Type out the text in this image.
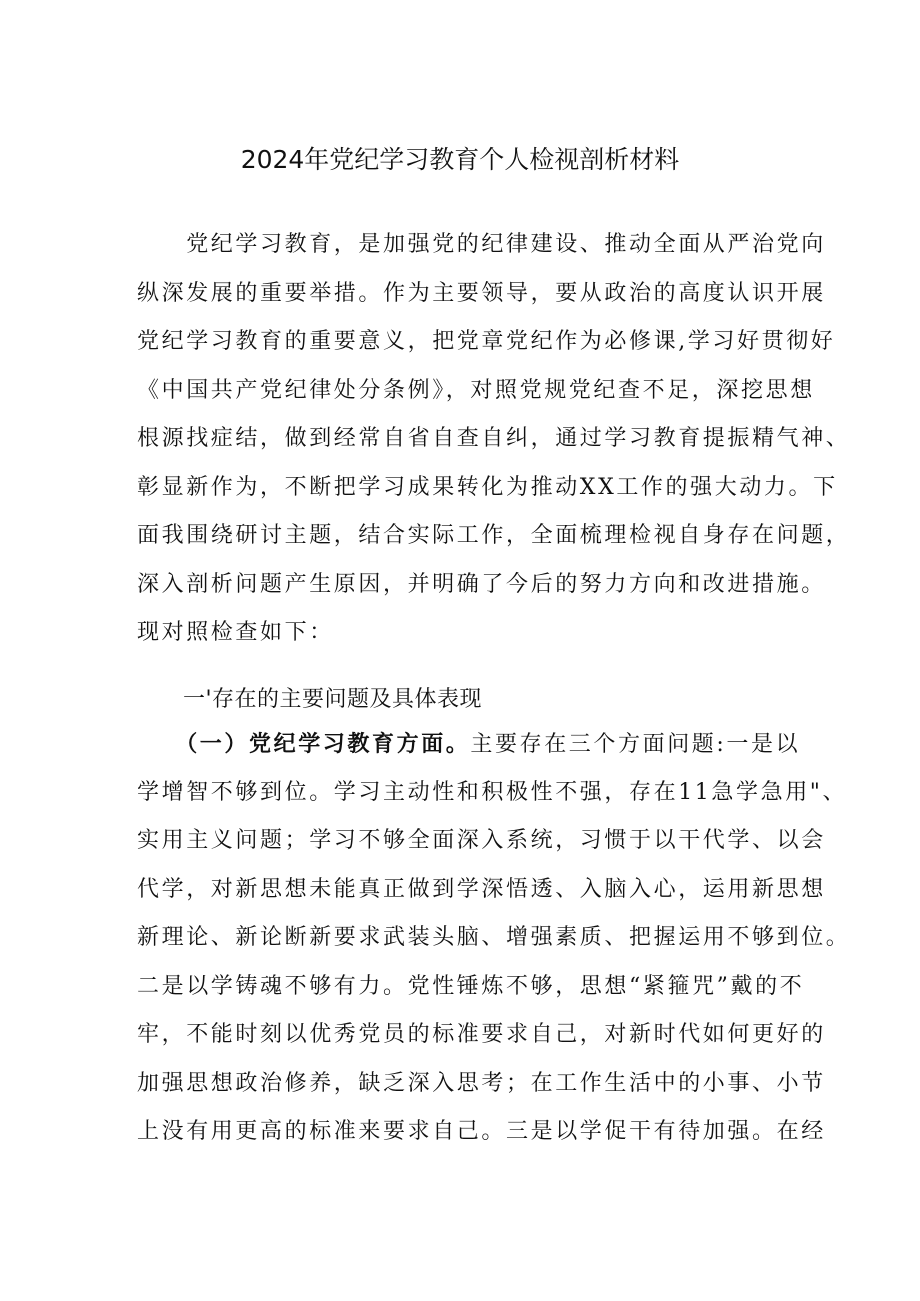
2024年党纪学习教育个人检视剖析材料
　　党纪学习教育，是加强党的纪律建设、推动全面从严治党向
纵深发展的重要举措。作为主要领导，要从政治的高度认识开展
党纪学习教育的重要意义，把党章党纪作为必修课,学习好贯彻好
《中国共产党纪律处分条例》，对照党规党纪查不足，深挖思想
根源找症结，做到经常自省自查自纠，通过学习教育提振精气神、
彰显新作为，不断把学习成果转化为推动XX工作的强大动力。下
面我围绕研讨主题，结合实际工作，全面梳理检视自身存在问题，
深入剖析问题产生原因，并明确了今后的努力方向和改进措施。
现对照检查如下：
一'存在的主要问题及具体表现
　　（一）党纪学习教育方面。主要存在三个方面问题:一是以
学增智不够到位。学习主动性和积极性不强，存在11急学急用"、
实用主义问题；学习不够全面深入系统，习惯于以干代学、以会
代学，对新思想未能真正做到学深悟透、入脑入心，运用新思想
新理论、新论断新要求武装头脑、增强素质、把握运用不够到位。
二是以学铸魂不够有力。党性锤炼不够，思想“紧箍咒”戴的不
牢，不能时刻以优秀党员的标准要求自己，对新时代如何更好的
加强思想政治修养，缺乏深入思考；在工作生活中的小事、小节
上没有用更高的标准来要求自己。三是以学促干有待加强。在经
